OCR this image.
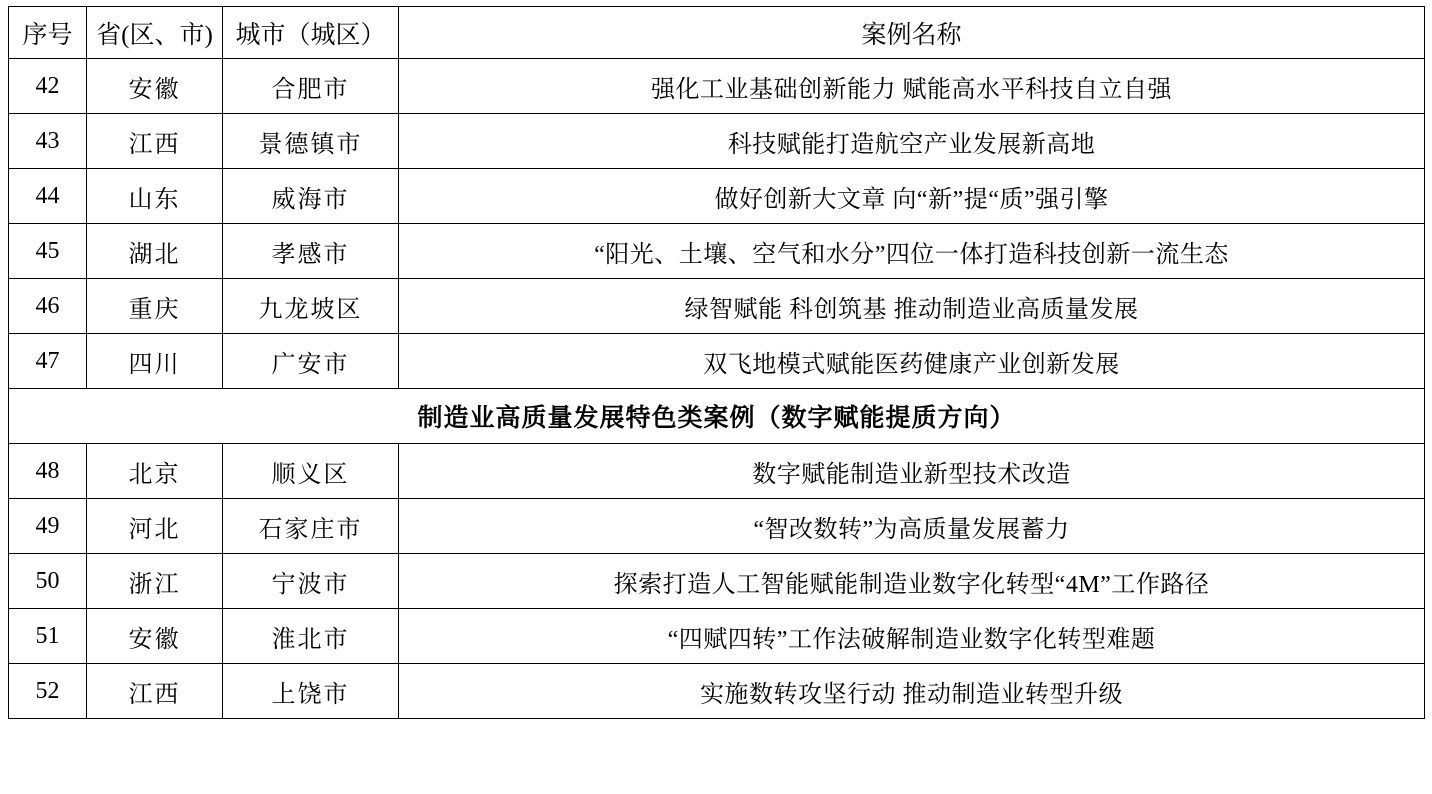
序号	省(区、市)	城市（城区）	案例名称
42	安徽	合肥市	强化工业基础创新能力 赋能高水平科技自立自强
43	江西	景德镇市	科技赋能打造航空产业发展新高地
44	山东	威海市	做好创新大文章 向“新”提“质”强引擎
45	湖北	孝感市	“阳光、土壤、空气和水分”四位一体打造科技创新一流生态
46	重庆	九龙坡区	绿智赋能 科创筑基 推动制造业高质量发展
47	四川	广安市	双飞地模式赋能医药健康产业创新发展
制造业高质量发展特色类案例（数字赋能提质方向）			
48	北京	顺义区	数字赋能制造业新型技术改造
49	河北	石家庄市	“智改数转”为高质量发展蓄力
50	浙江	宁波市	探索打造人工智能赋能制造业数字化转型“4M”工作路径
51	安徽	淮北市	“四赋四转”工作法破解制造业数字化转型难题
52	江西	上饶市	实施数转攻坚行动 推动制造业转型升级
